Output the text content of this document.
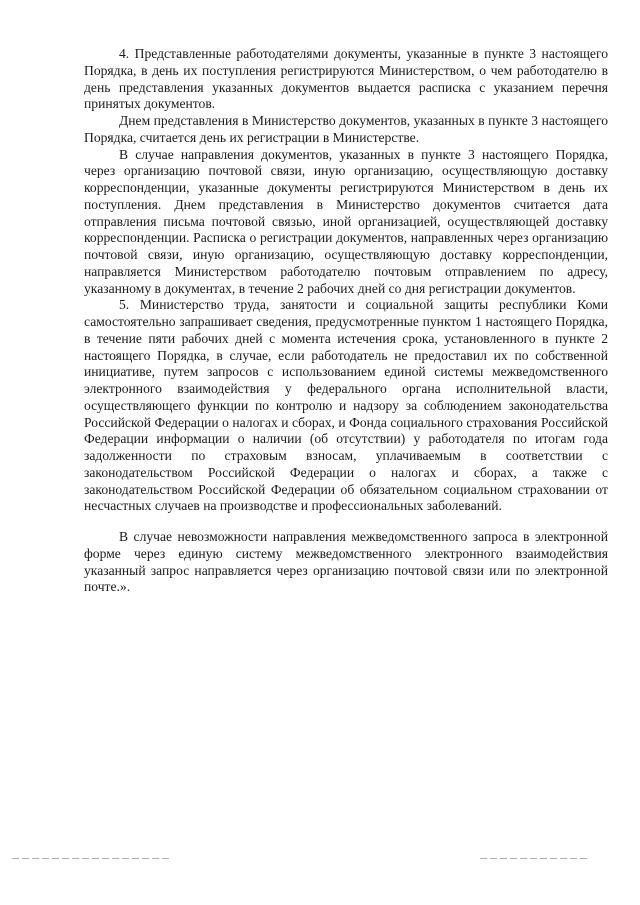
4. Представленные работодателями документы, указанные в пункте 3 настоящего Порядка, в день их поступления регистрируются Министерством, о чем работодателю в день представления указанных документов выдается расписка с указанием перечня принятых документов.

Днем представления в Министерство документов, указанных в пункте 3 настоящего Порядка, считается день их регистрации в Министерстве.

В случае направления документов, указанных в пункте 3 настоящего Порядка, через организацию почтовой связи, иную организацию, осуществляющую доставку корреспонденции, указанные документы регистрируются Министерством в день их поступления. Днем представления в Министерство документов считается дата отправления письма почтовой связью, иной организацией, осуществляющей доставку корреспонденции. Расписка о регистрации документов, направленных через организацию почтовой связи, иную организацию, осуществляющую доставку корреспонденции, направляется Министерством работодателю почтовым отправлением по адресу, указанному в документах, в течение 2 рабочих дней со дня регистрации документов.

5. Министерство труда, занятости и социальной защиты республики Коми самостоятельно запрашивает сведения, предусмотренные пунктом 1 настоящего Порядка, в течение пяти рабочих дней с момента истечения срока, установленного в пункте 2 настоящего Порядка, в случае, если работодатель не предоставил их по собственной инициативе, путем запросов с использованием единой системы межведомственного электронного взаимодействия у федерального органа исполнительной власти, осуществляющего функции по контролю и надзору за соблюдением законодательства Российской Федерации о налогах и сборах, и Фонда социального страхования Российской Федерации информации о наличии (об отсутствии) у работодателя по итогам года задолженности по страховым взносам, уплачиваемым в соответствии с законодательством Российской Федерации о налогах и сборах, а также с законодательством Российской Федерации об обязательном социальном страховании от несчастных случаев на производстве и профессиональных заболеваний.

В случае невозможности направления межведомственного запроса в электронной форме через единую систему межведомственного электронного взаимодействия указанный запрос направляется через организацию почтовой связи или по электронной почте.».
